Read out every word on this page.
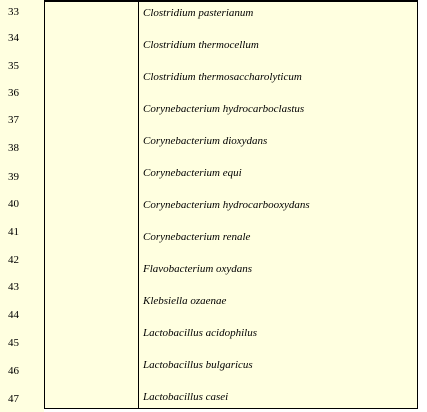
33
34
35
36
37
38
39
40
41
42
43
44
45
46
47
Clostridium pasterianum
Clostridium thermocellum
Clostridium thermosaccharolyticum
Corynebacterium hydrocarboclastus
Corynebacterium dioxydans
Corynebacterium equi
Corynebacterium hydrocarbooxydans
Corynebacterium renale
Flavobacterium oxydans
Klebsiella ozaenae
Lactobacillus acidophilus
Lactobacillus bulgaricus
Lactobacillus casei
